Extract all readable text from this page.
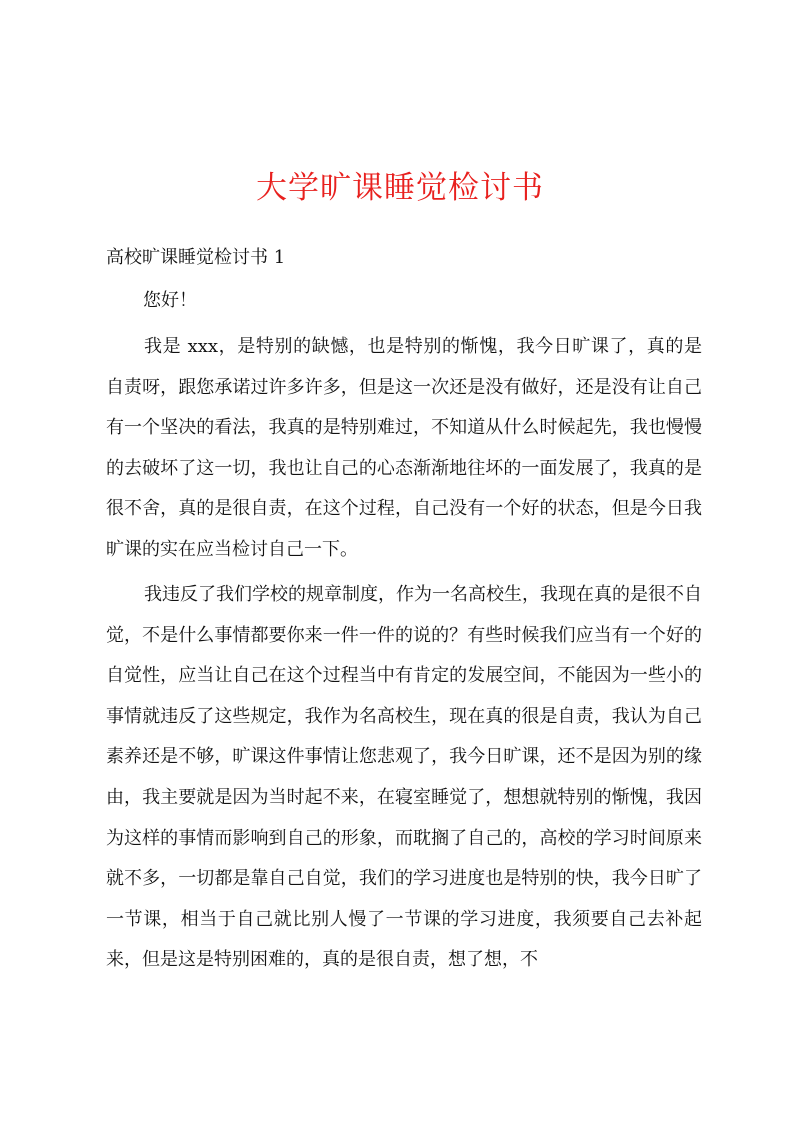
大学旷课睡觉检讨书
高校旷课睡觉检讨书 1
您好！

我是 xxx，是特别的缺憾，也是特别的惭愧，我今日旷课了，真的是自责呀，跟您承诺过许多许多，但是这一次还是没有做好，还是没有让自己有一个坚决的看法，我真的是特别难过，不知道从什么时候起先，我也慢慢的去破坏了这一切，我也让自己的心态渐渐地往坏的一面发展了，我真的是很不舍，真的是很自责，在这个过程，自己没有一个好的状态，但是今日我旷课的实在应当检讨自己一下。

我违反了我们学校的规章制度，作为一名高校生，我现在真的是很不自觉，不是什么事情都要你来一件一件的说的？有些时候我们应当有一个好的自觉性，应当让自己在这个过程当中有肯定的发展空间，不能因为一些小的事情就违反了这些规定，我作为名高校生，现在真的很是自责，我认为自己素养还是不够，旷课这件事情让您悲观了，我今日旷课，还不是因为别的缘由，我主要就是因为当时起不来，在寝室睡觉了，想想就特别的惭愧，我因为这样的事情而影响到自己的形象，而耽搁了自己的，高校的学习时间原来就不多，一切都是靠自己自觉，我们的学习进度也是特别的快，我今日旷了一节课，相当于自己就比别人慢了一节课的学习进度，我须要自己去补起来，但是这是特别困难的，真的是很自责，想了想，不
